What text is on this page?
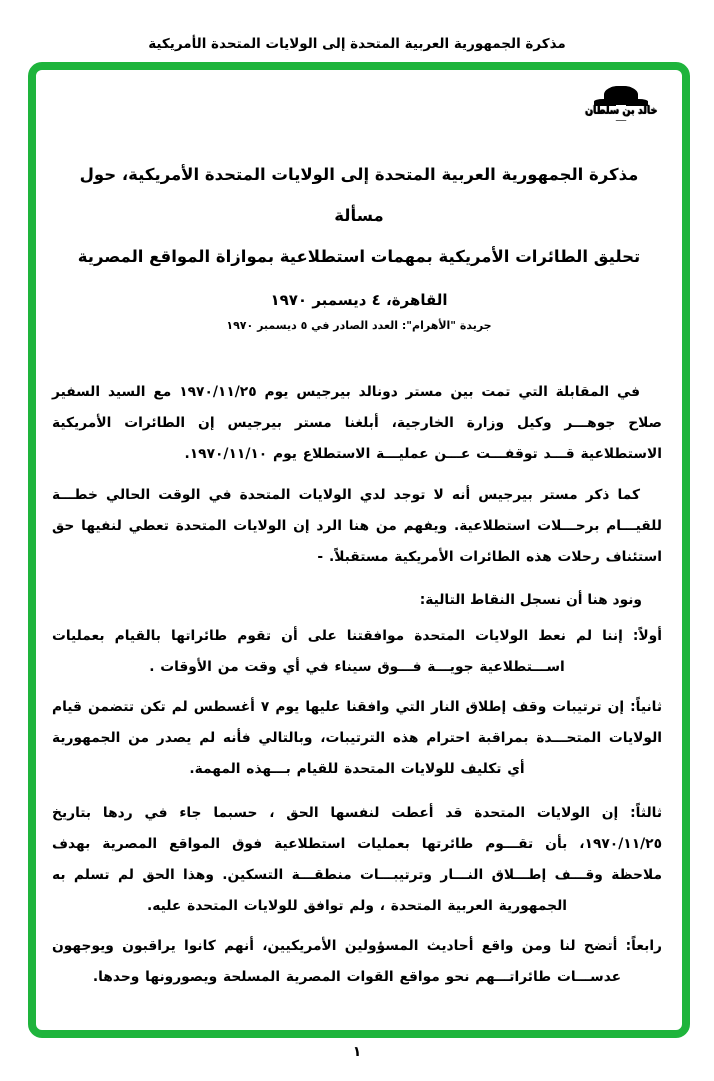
مذكرة الجمهورية العربية المتحدة إلى الولايات المتحدة الأمريكية
خالد بن سلطان
ـــــ
مذكرة الجمهورية العربية المتحدة إلى الولايات المتحدة الأمريكية، حول مسألة
تحليق الطائرات الأمريكية بمهمات استطلاعية بموازاة المواقع المصرية
القاهرة، ٤ ديسمبر ١٩٧٠
جريدة "الأهرام": العدد الصادر في ٥ ديسمبر ١٩٧٠

في المقابلة التي تمت بين مستر دونالد بيرجيس يوم ١٩٧٠/١١/٢٥ مع السيد السفير صلاح جوهـــر وكيل وزارة الخارجية، أبلغنا مستر بيرجيس إن الطائرات الأمريكية الاستطلاعية قـــد توقفـــت عـــن عمليـــة الاستطلاع يوم ١٩٧٠/١١/١٠.

كما ذكر مستر بيرجيس أنه لا توجد لدي الولايات المتحدة في الوقت الحالي خطـــة للقيـــام برحـــلات استطلاعية. ويفهم من هنا الرد إن الولايات المتحدة تعطي لنفيها حق استئناف رحلات هذه الطائرات الأمريكية مستقبلاً. -

ونود هنا أن نسجل النقاط التالية:

أولاً: إننا لم نعط الولايات المتحدة موافقتنا على أن تقوم طائراتها بالقيام بعمليات اســـتطلاعية جويـــة فـــوق سيناء في أي وقت من الأوقات .

ثانياً: إن ترتيبات وقف إطلاق النار التي وافقنا عليها يوم ٧ أغسطس لم تكن تتضمن قيام الولايات المتحـــدة بمراقبة احترام هذه الترتيبات، وبالتالي فأنه لم يصدر من الجمهورية أي تكليف للولايات المتحدة للقيام بـــهذه المهمة.

ثالثاً: إن الولايات المتحدة قد أعطت لنفسها الحق ، حسبما جاء في ردها بتاريخ ١٩٧٠/١١/٢٥، بأن تقـــوم طائرتها بعمليات استطلاعية فوق المواقع المصرية بهدف ملاحظة وقـــف إطـــلاق النـــار وترتيبـــات منطقـــة التسكين. وهذا الحق لم تسلم به الجمهورية العربية المتحدة ، ولم توافق للولايات المتحدة عليه.

رابعاً: أتضح لنا ومن واقع أحاديث المسؤولين الأمريكيين، أنهم كانوا يراقبون ويوجهون عدســـات طائراتـــهم نحو مواقع القوات المصرية المسلحة ويصورونها وحدها.

١
